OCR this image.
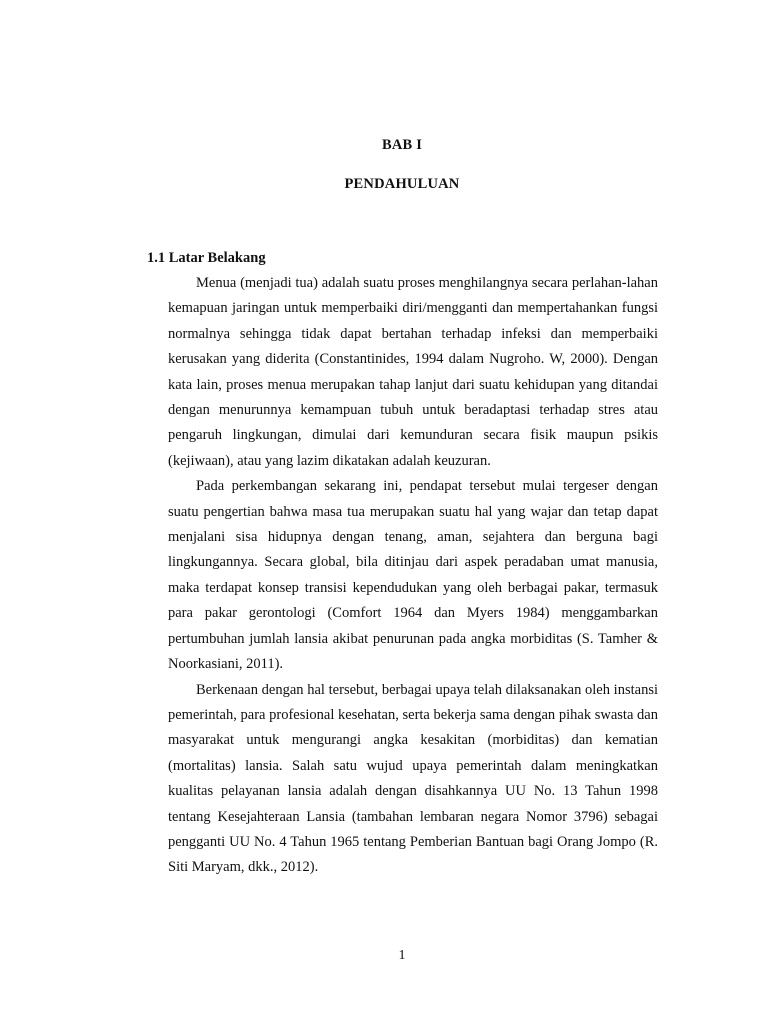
BAB I
PENDAHULUAN
1.1 Latar Belakang

Menua (menjadi tua) adalah suatu proses menghilangnya secara perlahan-lahan kemapuan jaringan untuk memperbaiki diri/mengganti dan mempertahankan fungsi normalnya sehingga tidak dapat bertahan terhadap infeksi dan memperbaiki kerusakan yang diderita (Constantinides, 1994 dalam Nugroho. W, 2000). Dengan kata lain, proses menua merupakan tahap lanjut dari suatu kehidupan yang ditandai dengan menurunnya kemampuan tubuh untuk beradaptasi terhadap stres atau pengaruh lingkungan, dimulai dari kemunduran secara fisik maupun psikis (kejiwaan), atau yang lazim dikatakan adalah keuzuran.

Pada perkembangan sekarang ini, pendapat tersebut mulai tergeser dengan suatu pengertian bahwa masa tua merupakan suatu hal yang wajar dan tetap dapat menjalani sisa hidupnya dengan tenang, aman, sejahtera dan berguna bagi lingkungannya. Secara global, bila ditinjau dari aspek peradaban umat manusia, maka terdapat konsep transisi kependudukan yang oleh berbagai pakar, termasuk para pakar gerontologi (Comfort 1964 dan Myers 1984) menggambarkan pertumbuhan jumlah lansia akibat penurunan pada angka morbiditas (S. Tamher & Noorkasiani, 2011).

Berkenaan dengan hal tersebut, berbagai upaya telah dilaksanakan oleh instansi pemerintah, para profesional kesehatan, serta bekerja sama dengan pihak swasta dan masyarakat untuk mengurangi angka kesakitan (morbiditas) dan kematian (mortalitas) lansia. Salah satu wujud upaya pemerintah dalam meningkatkan kualitas pelayanan lansia adalah dengan disahkannya UU No. 13 Tahun 1998 tentang Kesejahteraan Lansia (tambahan lembaran negara Nomor 3796) sebagai pengganti UU No. 4 Tahun 1965 tentang Pemberian Bantuan bagi Orang Jompo (R. Siti Maryam, dkk., 2012).

1
